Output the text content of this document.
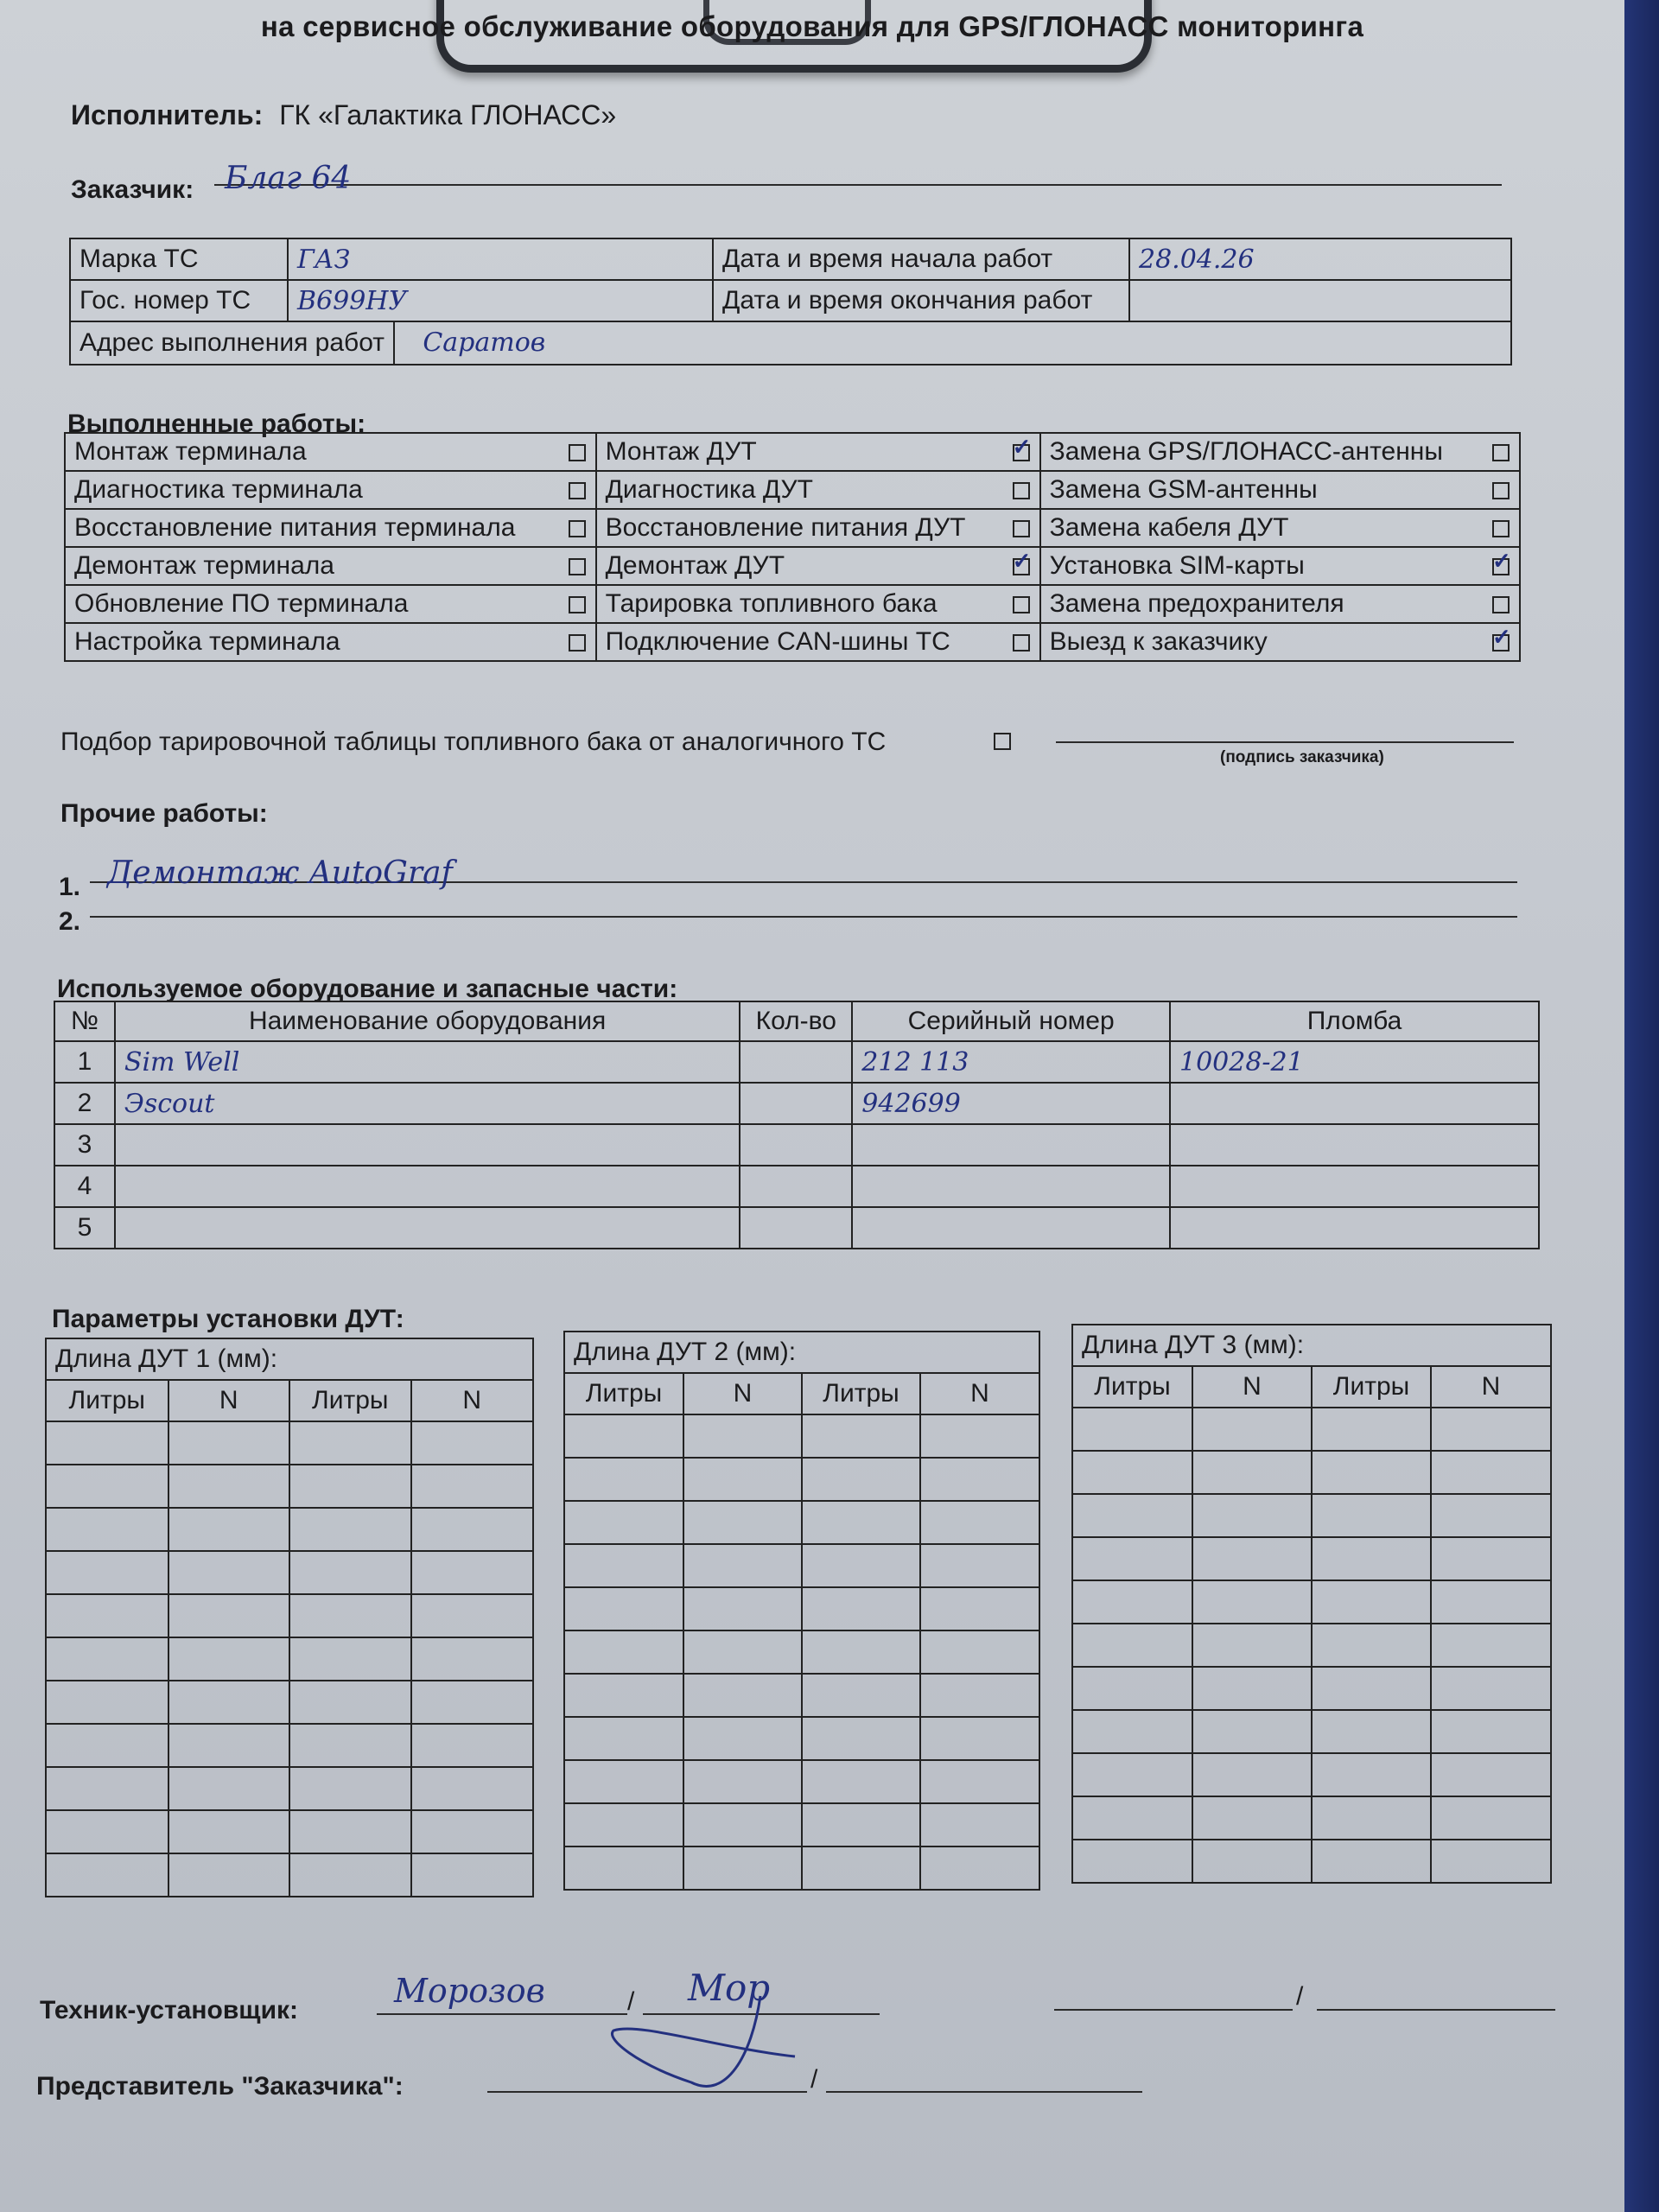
на сервисное обслуживание оборудования для GPS/ГЛОНАСС мониторинга
Исполнитель: ГК «Галактика ГЛОНАСС»
Заказчик: Благ 64
Марка ТС	ГАЗ	Дата и время начала работ	28.04.26
Гос. номер ТС	В699НУ	Дата и время окончания работ	
Адрес выполнения работ Саратов			
Выполненные работы:
Монтаж терминала		Монтаж ДУТ	✓	Замена GPS/ГЛОНАСС-антенны	
Диагностика терминала		Диагностика ДУТ		Замена GSM-антенны	
Восстановление питания терминала		Восстановление питания ДУТ		Замена кабеля ДУТ	
Демонтаж терминала		Демонтаж ДУТ	✓	Установка SIM-карты	✓
Обновление ПО терминала		Тарировка топливного бака		Замена предохранителя	
Настройка терминала		Подключение CAN-шины ТС		Выезд к заказчику	✓
Подбор тарировочной таблицы топливного бака от аналогичного ТС
(подпись заказчика)
Прочие работы:
1. Демонтаж AutoGraf
2.
Используемое оборудование и запасные части:
№	Наименование оборудования	Кол-во	Серийный номер	Пломба
1	Sim Well		212 113	10028-21
2	Эscout		942699	
3				
4				
5				
Параметры установки ДУТ:
Длина ДУТ 1 (мм):
Литры	N	Литры	N

Длина ДУТ 2 (мм):
Литры	N	Литры	N

Длина ДУТ 3 (мм):
Литры	N	Литры	N

Техник-установщик:
Морозов	/ Мор	/
Представитель "Заказчика":	/
